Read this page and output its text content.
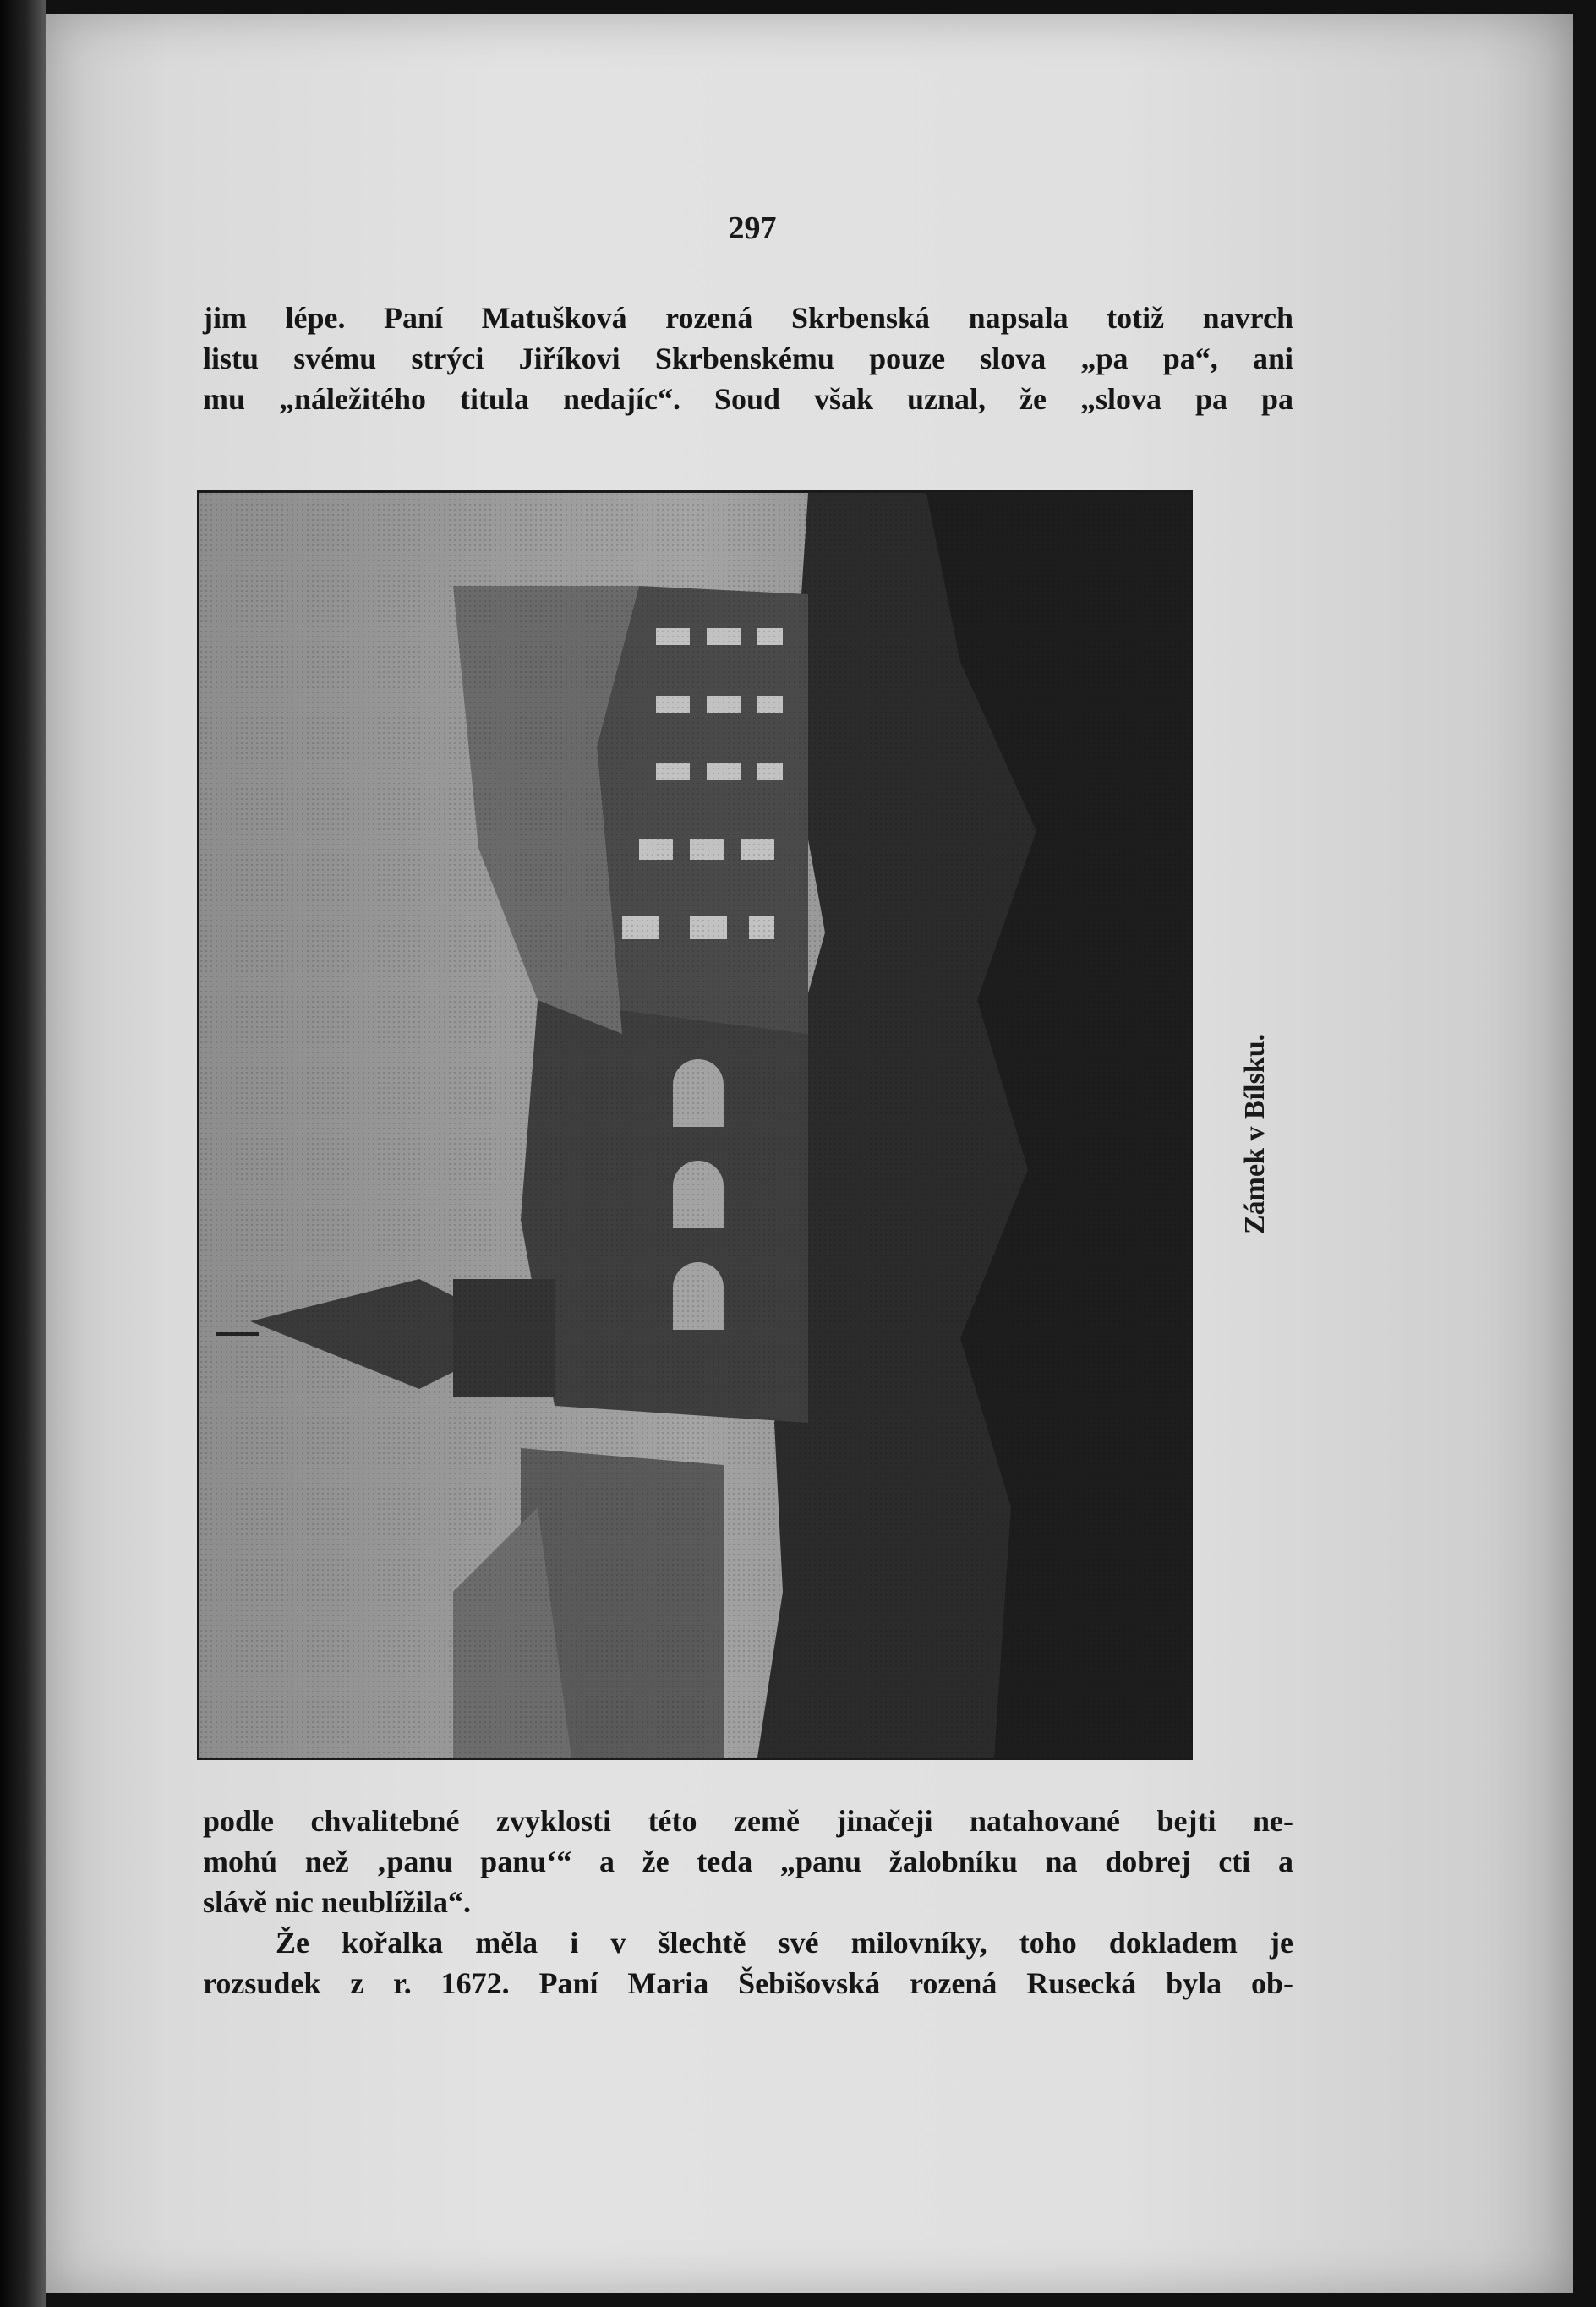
297
jim lépe. Paní Matušková rozená Skrbenská napsala totiž navrch
listu svému strýci Jiříkovi Skrbenskému pouze slova „pa pa“, ani
mu „náležitého titula nedajíc“. Soud však uznal, že „slova pa pa
Zámek v Bílsku.
podle chvalitebné zvyklosti této země jinačeji natahované bejti ne-
mohú než ‚panu panu‘“ a že teda „panu žalobníku na dobrej cti a
slávě nic neublížila“.
Že kořalka měla i v šlechtě své milovníky, toho dokladem je
rozsudek z r. 1672. Paní Maria Šebišovská rozená Rusecká byla ob-
